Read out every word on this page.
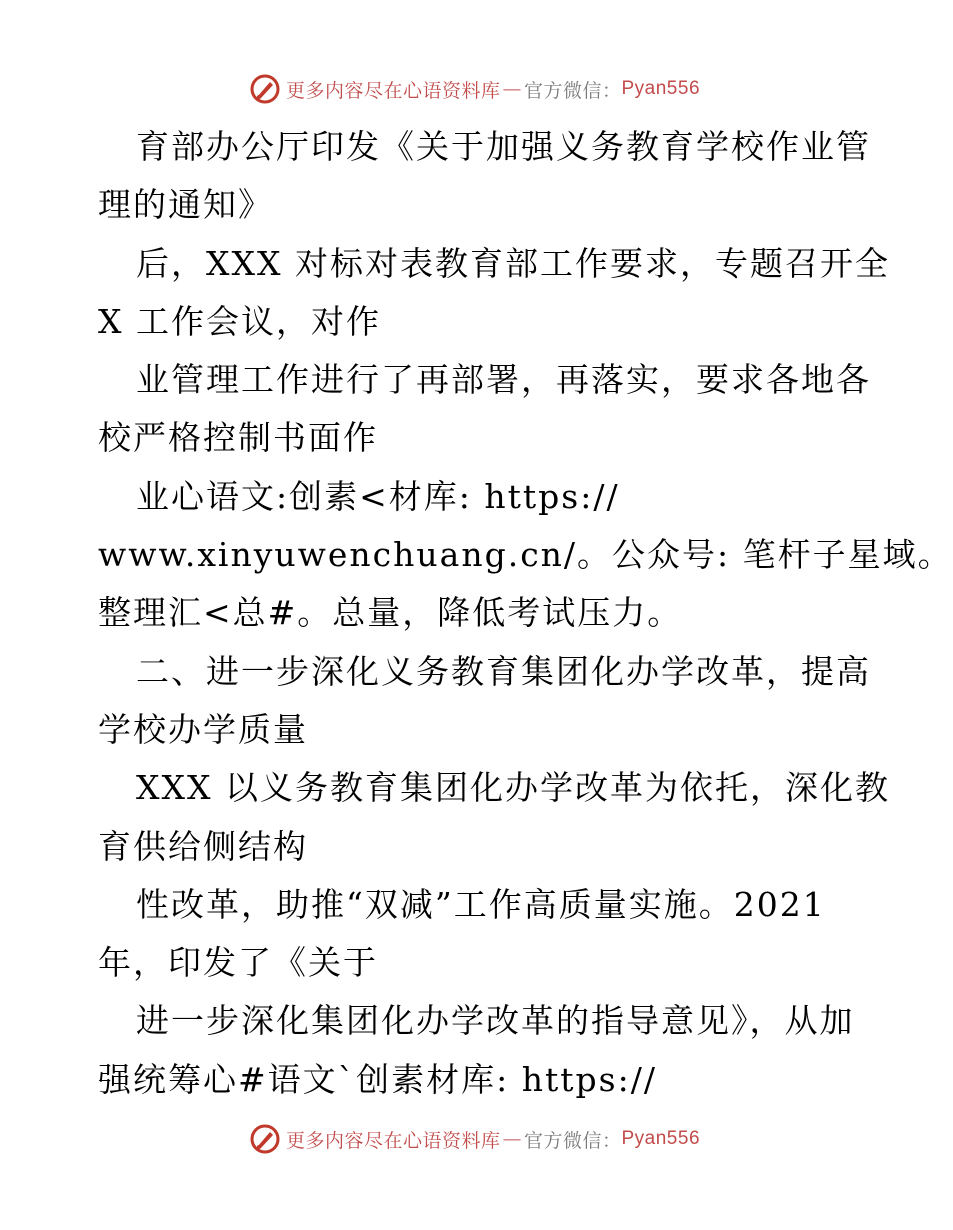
更多内容尽在心语资料库 — 官方微信： Pyan556
育部办公厅印发《关于加强义务教育学校作业管
理的通知》
后，XXX 对标对表教育部工作要求，专题召开全
X 工作会议，对作
业管理工作进行了再部署，再落实，要求各地各
校严格控制书面作
业心语文:创素<材库: https://
www.xinyuwenchuang.cn/。公众号: 笔杆子星域。
整理汇<总#。总量，降低考试压力。
二、进一步深化义务教育集团化办学改革，提高
学校办学质量
XXX 以义务教育集团化办学改革为依托，深化教
育供给侧结构
性改革，助推“双减”工作高质量实施。2021
年，印发了《关于
进一步深化集团化办学改革的指导意见》，从加
强统筹心#语文`创素材库: https://
更多内容尽在心语资料库 — 官方微信： Pyan556
